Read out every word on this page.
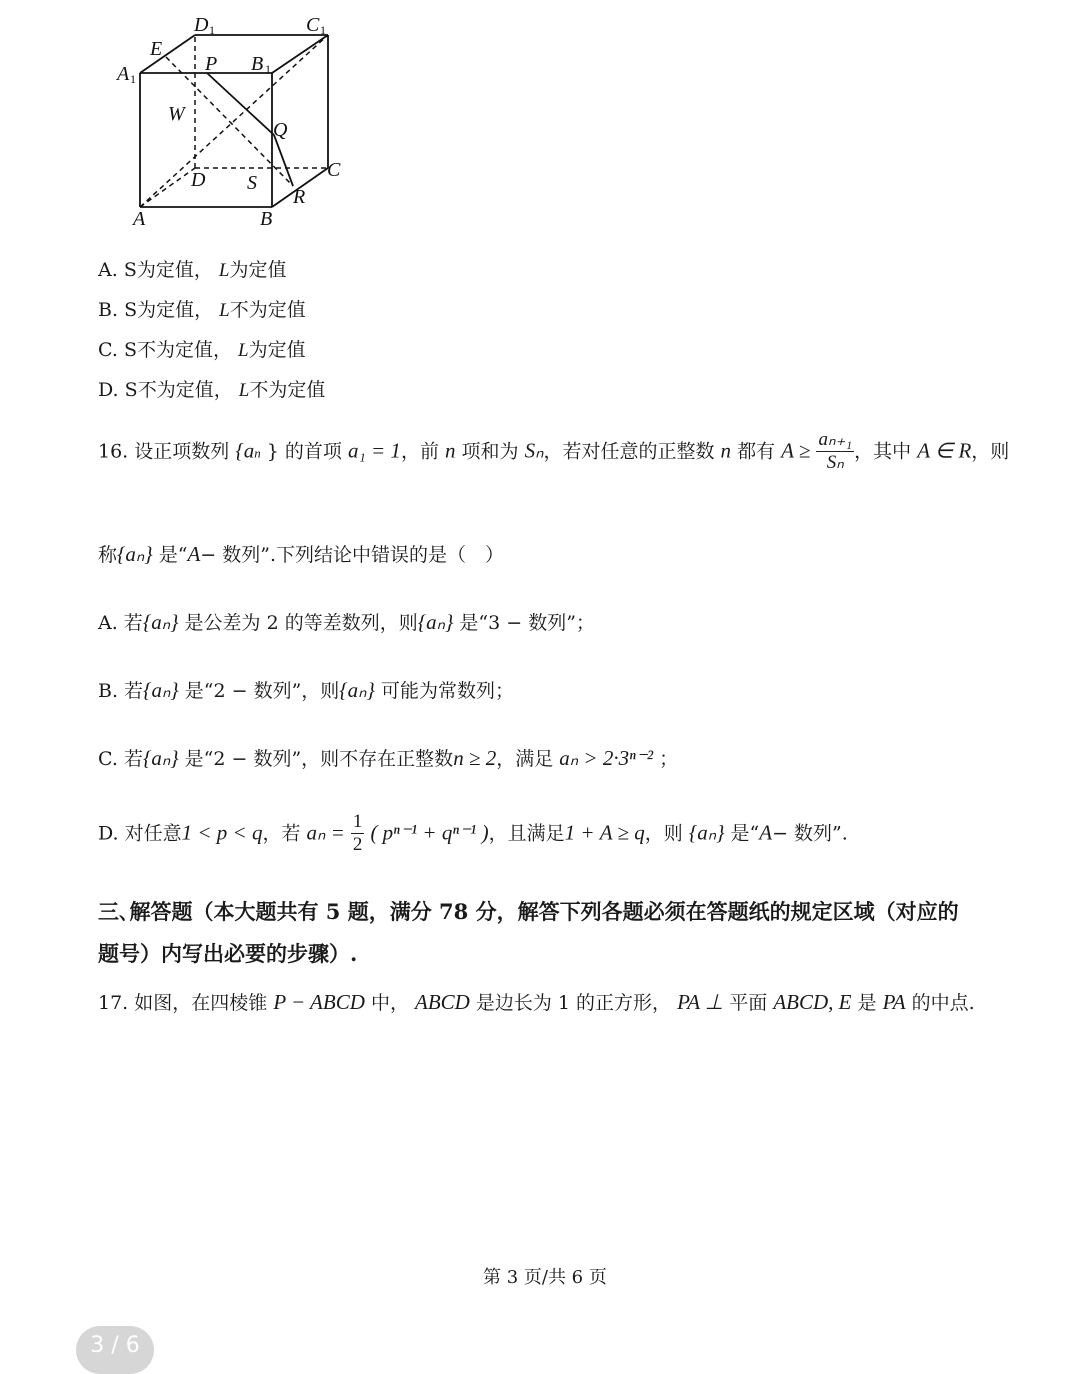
D 1	C 1
E
P B 1
A 1
W
Q
C
D S
R
A	B
A. S为定值， L为定值
B. S为定值， L不为定值
C. S不为定值， L为定值
D. S不为定值， L不为定值
16. 设正项数列 {an } 的首项 a₁ = 1，前 n 项和为 Sₙ，若对任意的正整数 n 都有 $A \ge \frac{\text{aₙ₊₁}}{\text{Sₙ}}$ ，其中 A ∈ R，则
称{aₙ} 是“A− 数列”.下列结论中错误的是（　）
A. 若{aₙ} 是公差为 2 的等差数列，则{aₙ} 是“3 − 数列”；
B. 若{aₙ} 是“2 − 数列”，则{aₙ} 可能为常数列；
C. 若{aₙ} 是“2 − 数列”，则不存在正整数n ≥ 2，满足 aₙ > 2·3ⁿ⁻² ；
D. 对任意1 < p < q，若 $a_n = \frac{1}{2}$ ( pⁿ⁻¹ + qⁿ⁻¹ )，且满足1 + A ≥ q，则 {aₙ} 是“A− 数列”.
三､解答题（本大题共有 5 题，满分 78 分，解答下列各题必须在答题纸的规定区域（对应的
题号）内写出必要的步骤）.
17. 如图，在四棱锥 P − ABCD 中， ABCD 是边长为 1 的正方形， PA ⊥ 平面 ABCD, E 是 PA 的中点.
第 3 页/共 6 页
3 / 6
